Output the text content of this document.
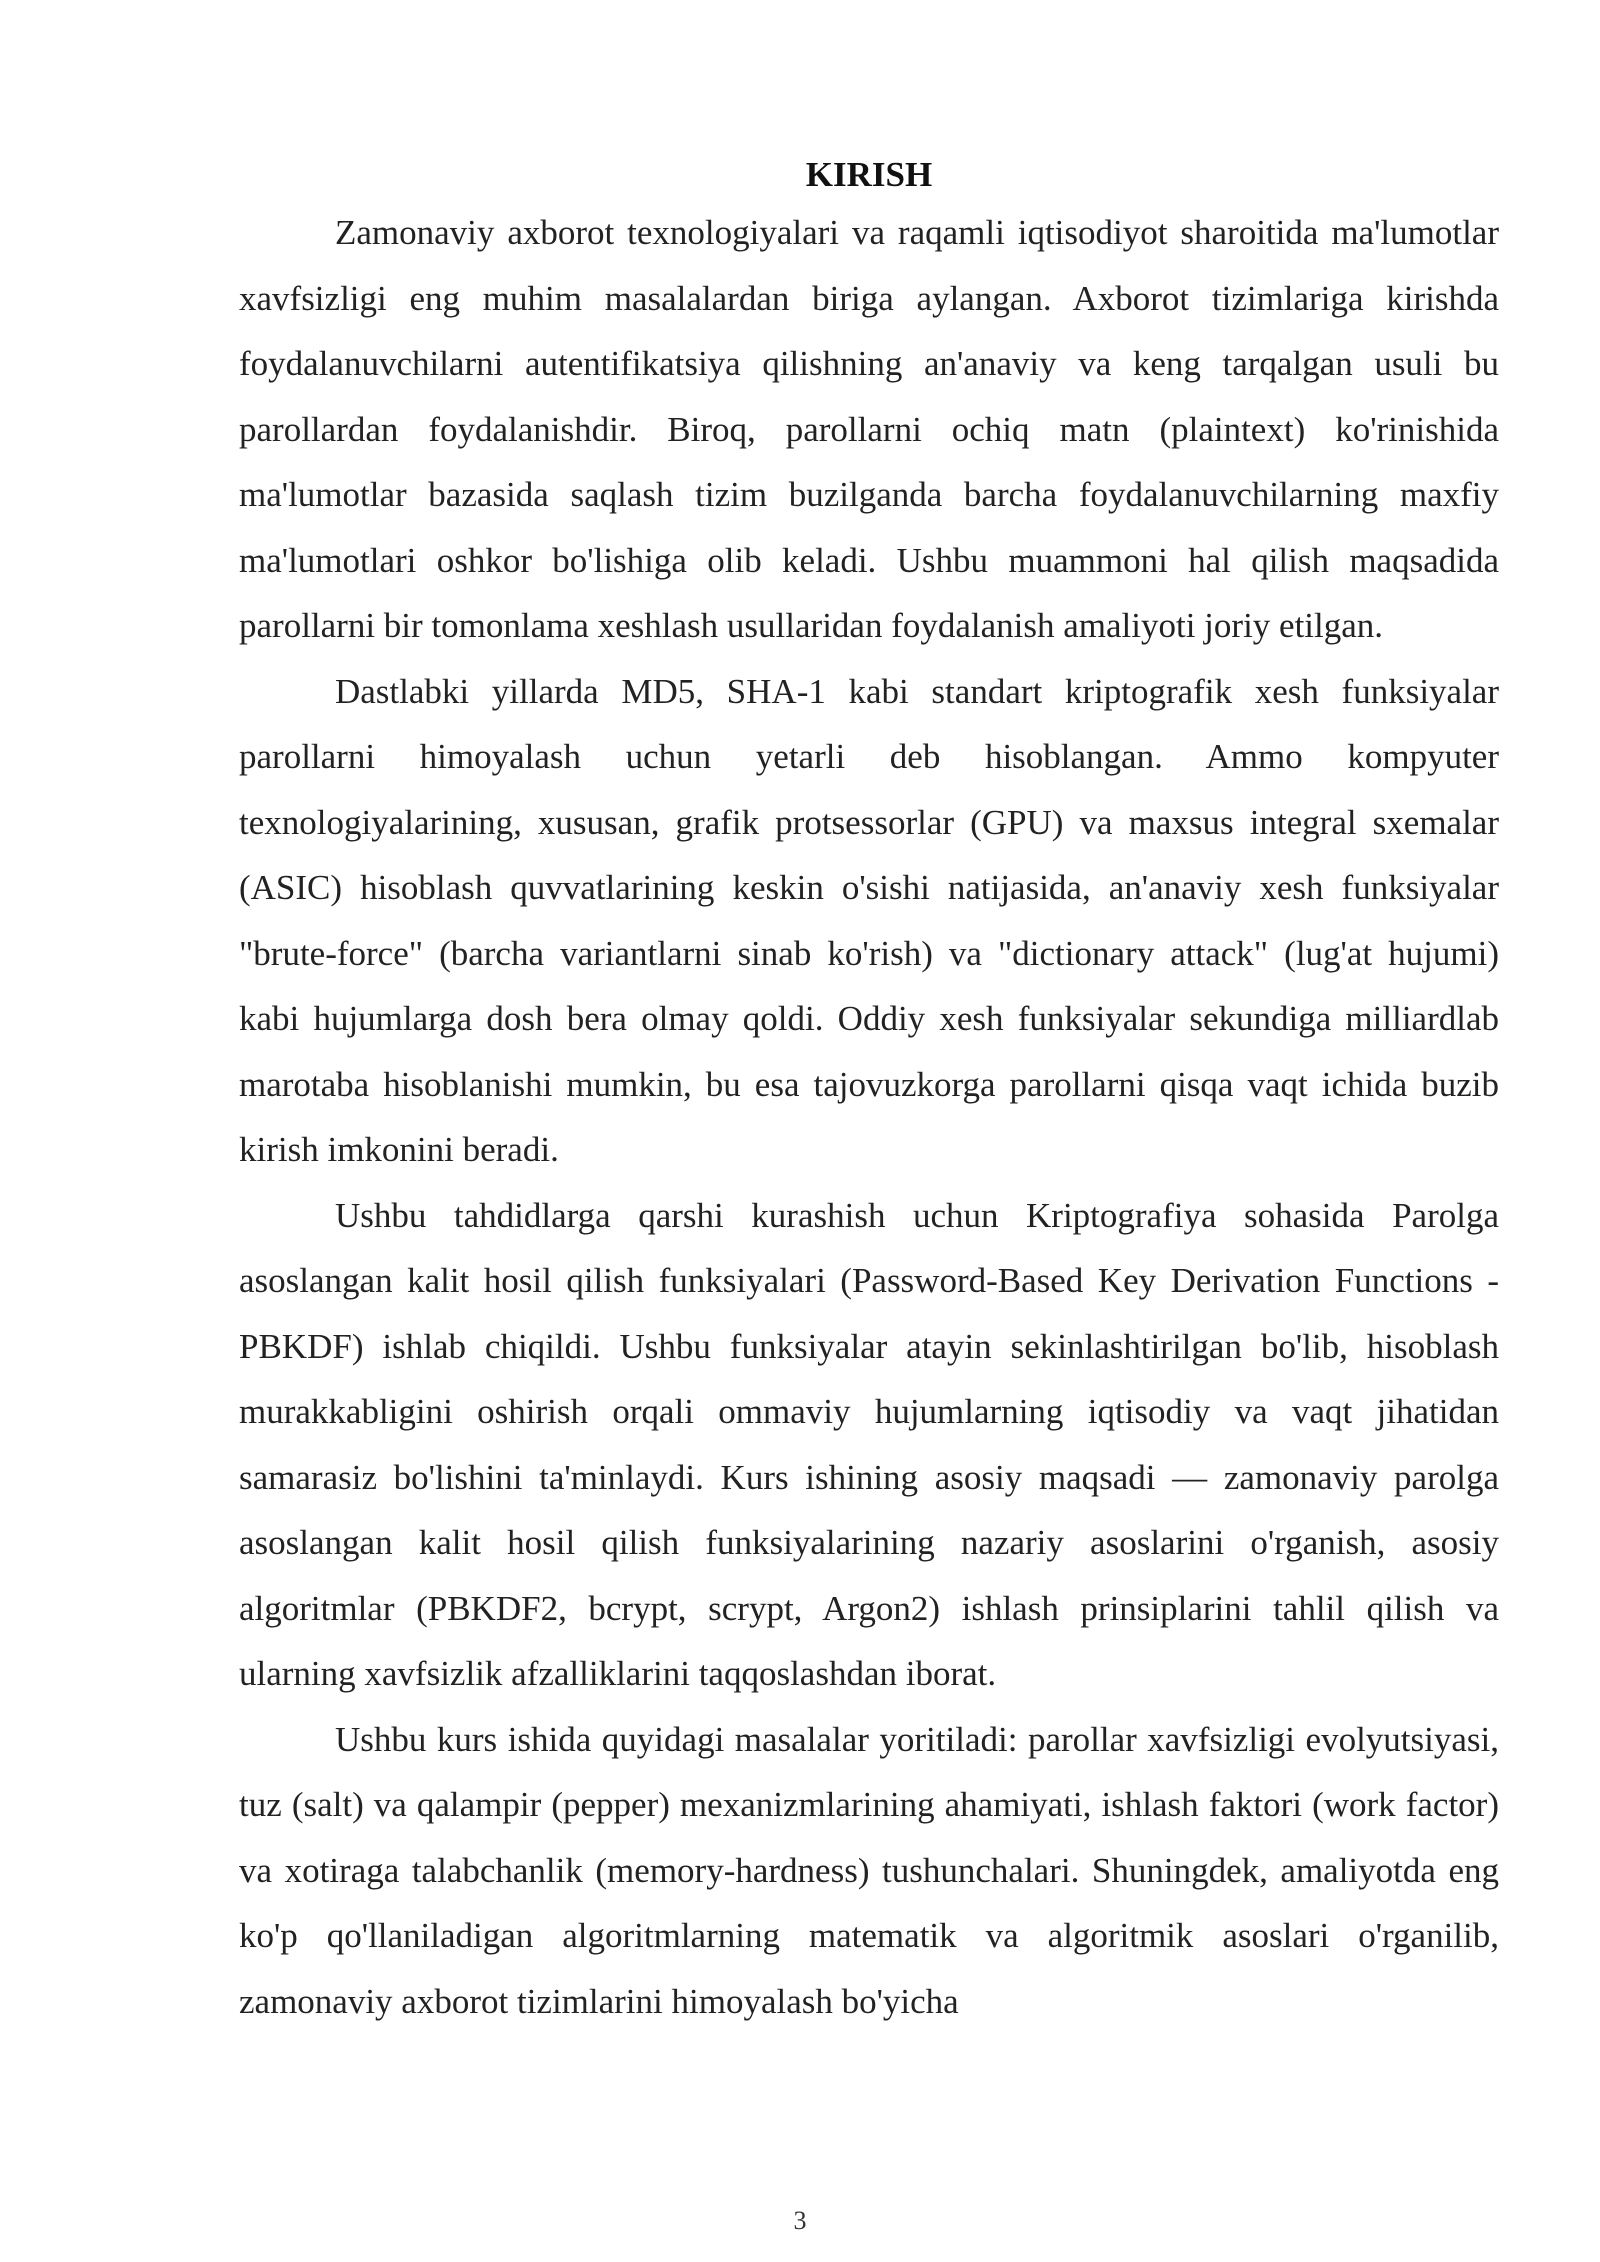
KIRISH

Zamonaviy axborot texnologiyalari va raqamli iqtisodiyot sharoitida ma'lumotlar xavfsizligi eng muhim masalalardan biriga aylangan. Axborot tizimlariga kirishda foydalanuvchilarni autentifikatsiya qilishning an'anaviy va keng tarqalgan usuli bu parollardan foydalanishdir. Biroq, parollarni ochiq matn (plaintext) ko'rinishida ma'lumotlar bazasida saqlash tizim buzilganda barcha foydalanuvchilarning maxfiy ma'lumotlari oshkor bo'lishiga olib keladi. Ushbu muammoni hal qilish maqsadida parollarni bir tomonlama xeshlash usullaridan foydalanish amaliyoti joriy etilgan.

Dastlabki yillarda MD5, SHA-1 kabi standart kriptografik xesh funksiyalar parollarni himoyalash uchun yetarli deb hisoblangan. Ammo kompyuter texnologiyalarining, xususan, grafik protsessorlar (GPU) va maxsus integral sxemalar (ASIC) hisoblash quvvatlarining keskin o'sishi natijasida, an'anaviy xesh funksiyalar "brute-force" (barcha variantlarni sinab ko'rish) va "dictionary attack" (lug'at hujumi) kabi hujumlarga dosh bera olmay qoldi. Oddiy xesh funksiyalar sekundiga milliardlab marotaba hisoblanishi mumkin, bu esa tajovuzkorga parollarni qisqa vaqt ichida buzib kirish imkonini beradi.

Ushbu tahdidlarga qarshi kurashish uchun Kriptografiya sohasida Parolga asoslangan kalit hosil qilish funksiyalari (Password-Based Key Derivation Functions - PBKDF) ishlab chiqildi. Ushbu funksiyalar atayin sekinlashtirilgan bo'lib, hisoblash murakkabligini oshirish orqali ommaviy hujumlarning iqtisodiy va vaqt jihatidan samarasiz bo'lishini ta'minlaydi. Kurs ishining asosiy maqsadi — zamonaviy parolga asoslangan kalit hosil qilish funksiyalarining nazariy asoslarini o'rganish, asosiy algoritmlar (PBKDF2, bcrypt, scrypt, Argon2) ishlash prinsiplarini tahlil qilish va ularning xavfsizlik afzalliklarini taqqoslashdan iborat.

Ushbu kurs ishida quyidagi masalalar yoritiladi: parollar xavfsizligi evolyutsiyasi, tuz (salt) va qalampir (pepper) mexanizmlarining ahamiyati, ishlash faktori (work factor) va xotiraga talabchanlik (memory-hardness) tushunchalari. Shuningdek, amaliyotda eng ko'p qo'llaniladigan algoritmlarning matematik va algoritmik asoslari o'rganilib, zamonaviy axborot tizimlarini himoyalash bo'yicha

3
